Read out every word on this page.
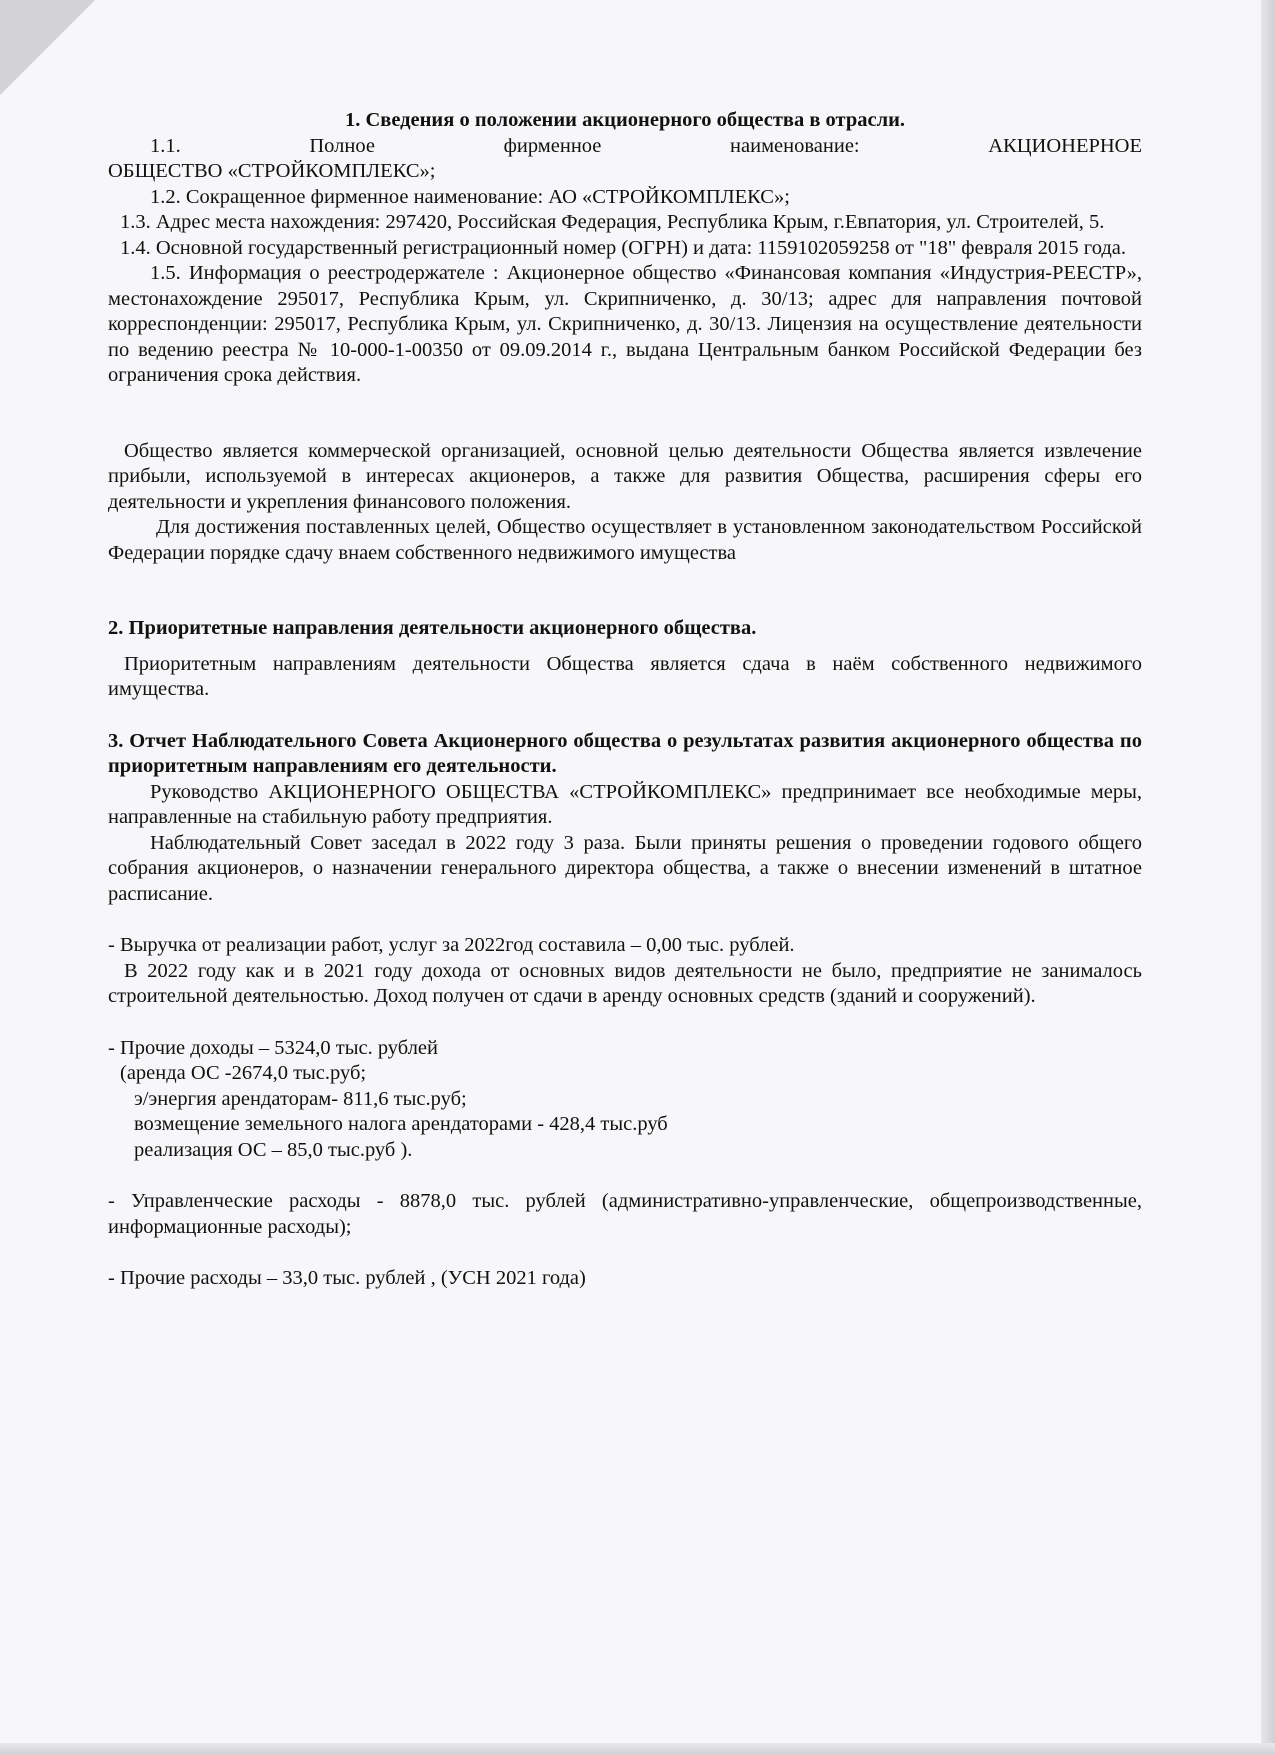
1. Сведения о положении акционерного общества в отрасли.

1.1. Полное фирменное наименование: АКЦИОНЕРНОЕ

ОБЩЕСТВО «СТРОЙКОМПЛЕКС»;

1.2. Сокращенное фирменное наименование: АО «СТРОЙКОМПЛЕКС»;

1.3. Адрес места нахождения: 297420, Российская Федерация, Республика Крым, г.Евпатория, ул. Строителей, 5.

1.4. Основной государственный регистрационный номер (ОГРН) и дата: 1159102059258 от "18" февраля 2015 года.

1.5. Информация о реестродержателе : Акционерное общество «Финансовая компания «Индустрия-РЕЕСТР», местонахождение 295017, Республика Крым, ул. Скрипниченко, д. 30/13; адрес для направления почтовой корреспонденции: 295017, Республика Крым, ул. Скрипниченко, д. 30/13. Лицензия на осуществление деятельности по ведению реестра № 10-000-1-00350 от 09.09.2014 г., выдана Центральным банком Российской Федерации без ограничения срока действия.

Общество является коммерческой организацией, основной целью деятельности Общества является извлечение прибыли, используемой в интересах акционеров, а также для развития Общества, расширения сферы его деятельности и укрепления финансового положения.

Для достижения поставленных целей, Общество осуществляет в установленном законодательством Российской Федерации порядке сдачу внаем собственного недвижимого имущества

2. Приоритетные направления деятельности акционерного общества.

Приоритетным направлениям деятельности Общества является сдача в наём собственного недвижимого имущества.

3. Отчет Наблюдательного Совета Акционерного общества о результатах развития акционерного общества по приоритетным направлениям его деятельности.

Руководство АКЦИОНЕРНОГО ОБЩЕСТВА «СТРОЙКОМПЛЕКС» предпринимает все необходимые меры, направленные на стабильную работу предприятия.

Наблюдательный Совет заседал в 2022 году 3 раза. Были приняты решения о проведении годового общего собрания акционеров, о назначении генерального директора общества, а также о внесении изменений в штатное расписание.

- Выручка от реализации работ, услуг за 2022год составила – 0,00 тыс. рублей.

В 2022 году как и в 2021 году дохода от основных видов деятельности не было, предприятие не занималось строительной деятельностью. Доход получен от сдачи в аренду основных средств (зданий и сооружений).

- Прочие доходы – 5324,0 тыс. рублей

(аренда ОС -2674,0 тыс.руб;

э/энергия арендаторам- 811,6 тыс.руб;

возмещение земельного налога арендаторами - 428,4 тыс.руб

реализация ОС – 85,0 тыс.руб ).

- Управленческие расходы - 8878,0 тыс. рублей (административно-управленческие, общепроизводственные, информационные расходы);

- Прочие расходы – 33,0 тыс. рублей , (УСН 2021 года)
